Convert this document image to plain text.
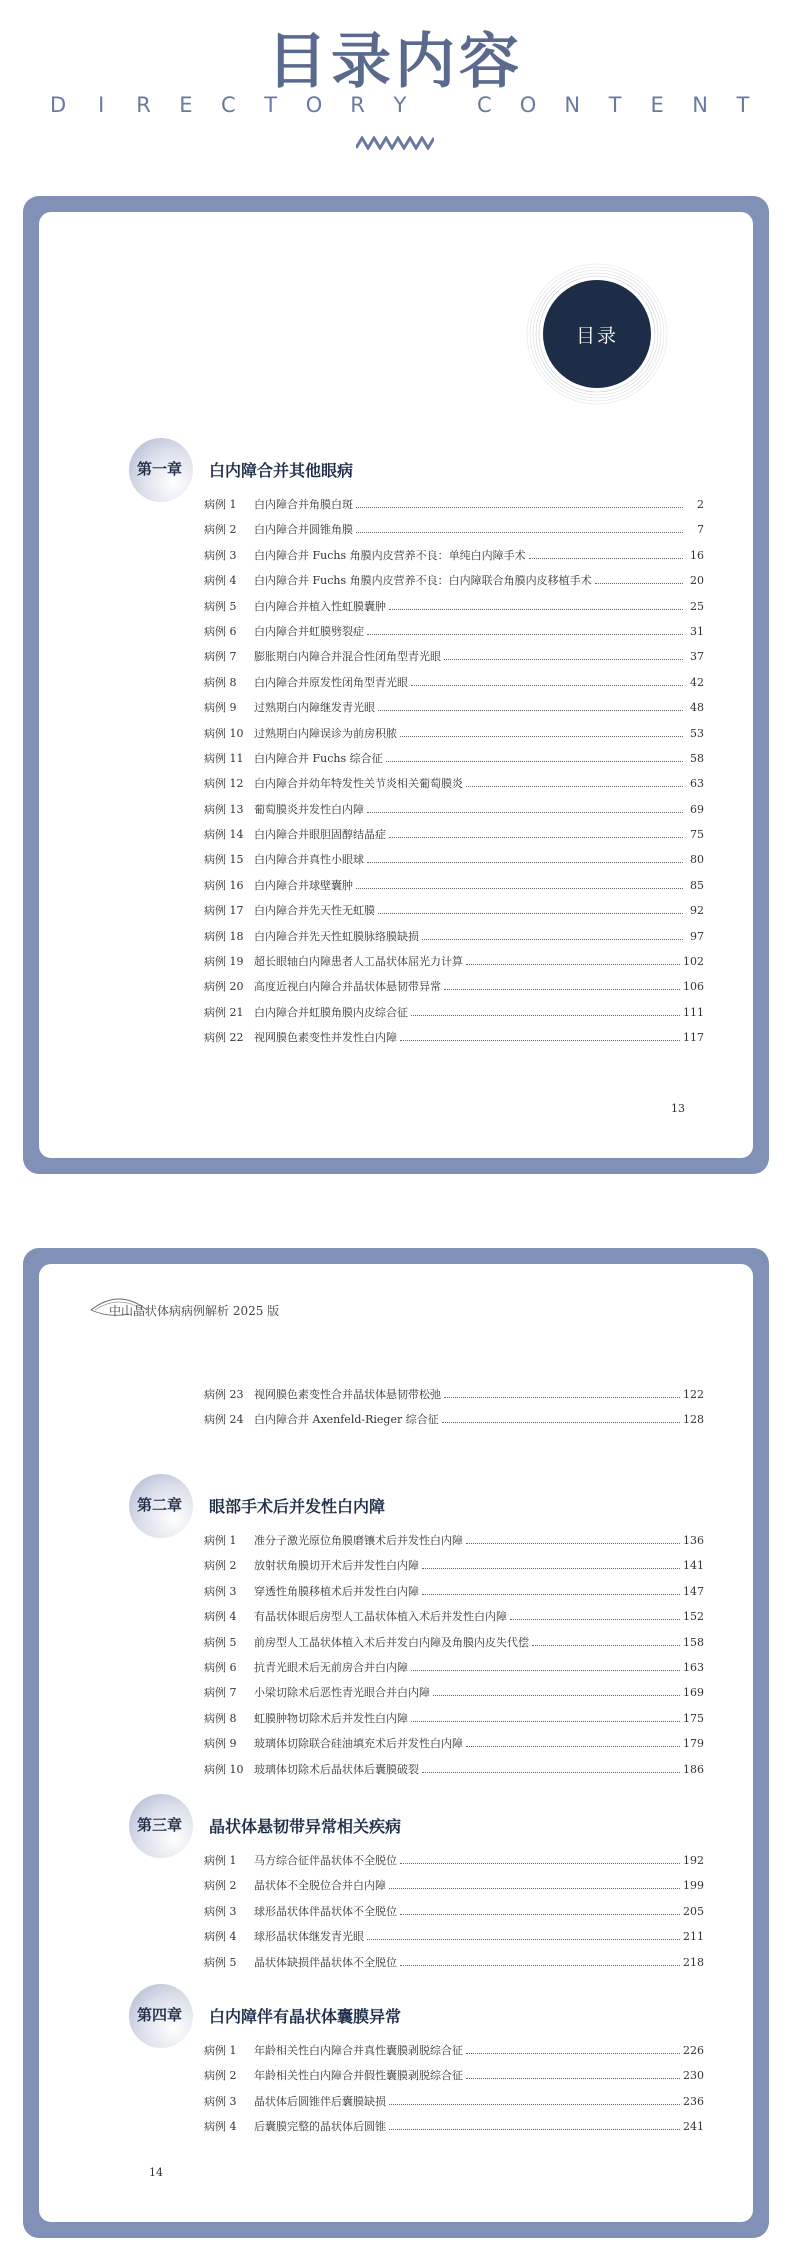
目录内容
D I R E C T O R Y	C O N T E N T
目录
第一章 白内障合并其他眼病
病例 1	白内障合并角膜白斑	2
病例 2	白内障合并圆锥角膜	7
病例 3	白内障合并 Fuchs 角膜内皮营养不良：单纯白内障手术	16
病例 4	白内障合并 Fuchs 角膜内皮营养不良：白内障联合角膜内皮移植手术	20
病例 5	白内障合并植入性虹膜囊肿	25
病例 6	白内障合并虹膜劈裂症	31
病例 7	膨胀期白内障合并混合性闭角型青光眼	37
病例 8	白内障合并原发性闭角型青光眼	42
病例 9	过熟期白内障继发青光眼	48
病例 10 过熟期白内障误诊为前房积脓	53
病例 11 白内障合并 Fuchs 综合征	58
病例 12 白内障合并幼年特发性关节炎相关葡萄膜炎	63
病例 13 葡萄膜炎并发性白内障	69
病例 14 白内障合并眼胆固醇结晶症	75
病例 15 白内障合并真性小眼球	80
病例 16 白内障合并球壁囊肿	85
病例 17 白内障合并先天性无虹膜	92
病例 18 白内障合并先天性虹膜脉络膜缺损	97
病例 19 超长眼轴白内障患者人工晶状体屈光力计算	102
病例 20 高度近视白内障合并晶状体悬韧带异常	106
病例 21 白内障合并虹膜角膜内皮综合征	111
病例 22 视网膜色素变性并发性白内障	117
13
中山晶状体病病例解析 2025 版
病例 23 视网膜色素变性合并晶状体悬韧带松弛	122
病例 24 白内障合并 Axenfeld-Rieger 综合征	128
第二章 眼部手术后并发性白内障
病例 1	准分子激光原位角膜磨镶术后并发性白内障	136
病例 2	放射状角膜切开术后并发性白内障	141
病例 3	穿透性角膜移植术后并发性白内障	147
病例 4	有晶状体眼后房型人工晶状体植入术后并发性白内障	152
病例 5	前房型人工晶状体植入术后并发白内障及角膜内皮失代偿	158
病例 6	抗青光眼术后无前房合并白内障	163
病例 7	小梁切除术后恶性青光眼合并白内障	169
病例 8	虹膜肿物切除术后并发性白内障	175
病例 9	玻璃体切除联合硅油填充术后并发性白内障	179
病例 10 玻璃体切除术后晶状体后囊膜破裂	186
第三章 晶状体悬韧带异常相关疾病
病例 1	马方综合征伴晶状体不全脱位	192
病例 2	晶状体不全脱位合并白内障	199
病例 3	球形晶状体伴晶状体不全脱位	205
病例 4	球形晶状体继发青光眼	211
病例 5	晶状体缺损伴晶状体不全脱位	218
第四章 白内障伴有晶状体囊膜异常
病例 1	年龄相关性白内障合并真性囊膜剥脱综合征	226
病例 2	年龄相关性白内障合并假性囊膜剥脱综合征	230
病例 3	晶状体后圆锥伴后囊膜缺损	236
病例 4	后囊膜完整的晶状体后圆锥	241
14
